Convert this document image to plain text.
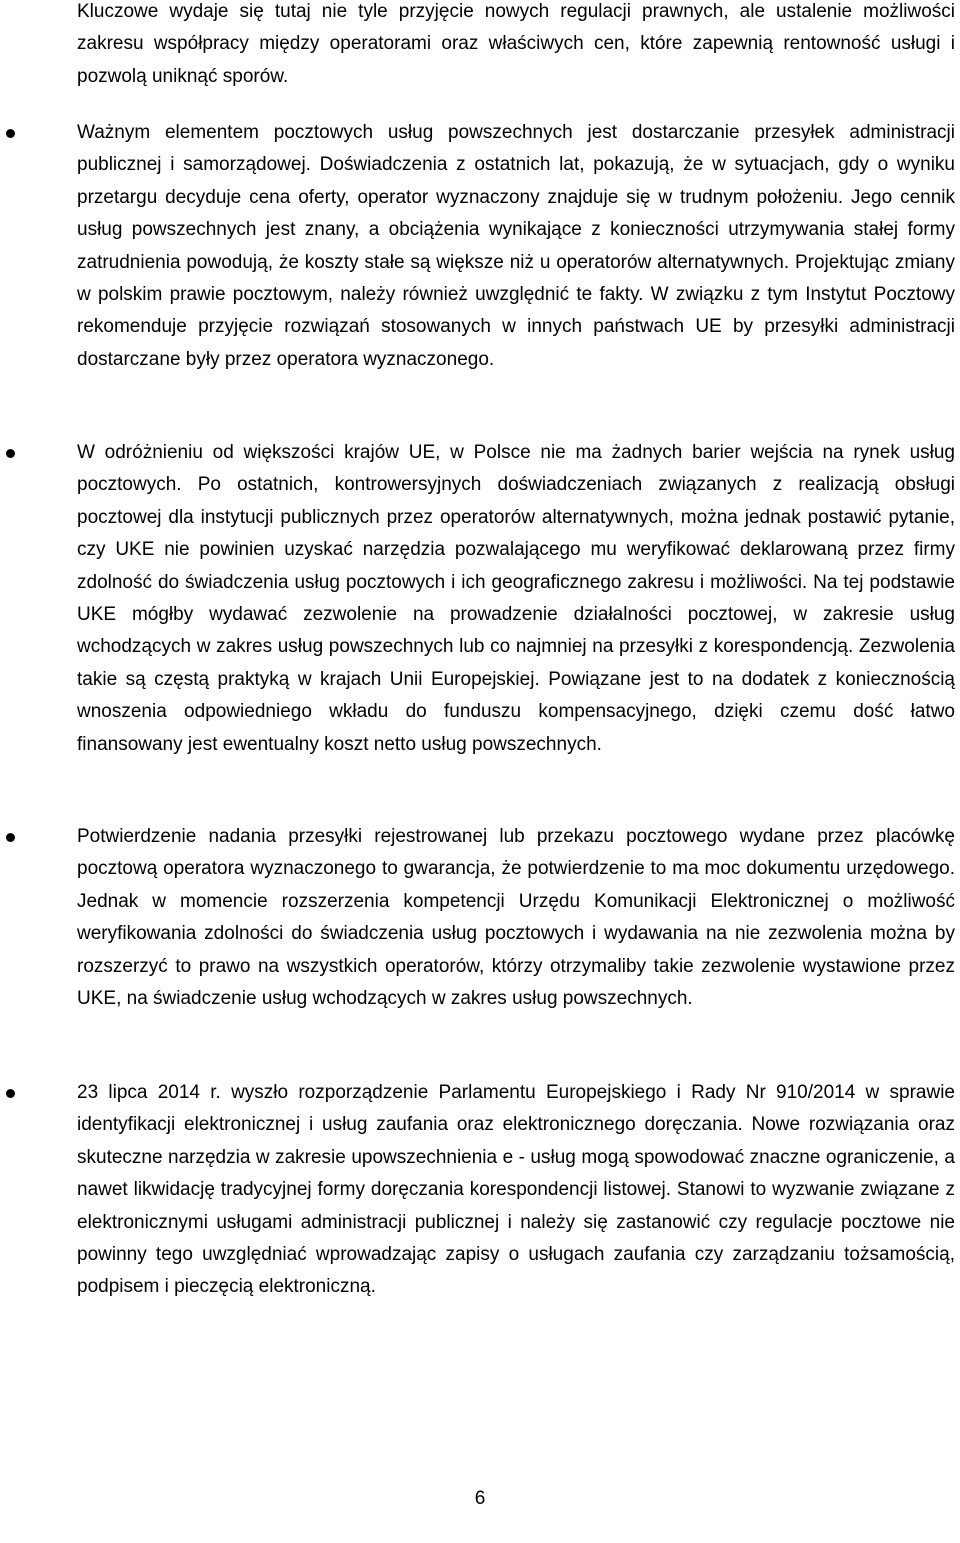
Kluczowe wydaje się tutaj nie tyle przyjęcie nowych regulacji prawnych, ale ustalenie możliwości zakresu współpracy między operatorami oraz właściwych cen, które zapewnią rentowność usługi i pozwolą uniknąć sporów.

Ważnym elementem pocztowych usług powszechnych jest dostarczanie przesyłek administracji publicznej i samorządowej. Doświadczenia z ostatnich lat, pokazują, że w sytuacjach, gdy o wyniku przetargu decyduje cena oferty, operator wyznaczony znajduje się w trudnym położeniu. Jego cennik usług powszechnych jest znany, a obciążenia wynikające z konieczności utrzymywania stałej formy zatrudnienia powodują, że koszty stałe są większe niż u operatorów alternatywnych. Projektując zmiany w polskim prawie pocztowym, należy również uwzględnić te fakty. W związku z tym Instytut Pocztowy rekomenduje przyjęcie rozwiązań stosowanych w innych państwach UE by przesyłki administracji dostarczane były przez operatora wyznaczonego.

W odróżnieniu od większości krajów UE, w Polsce nie ma żadnych barier wejścia na rynek usług pocztowych. Po ostatnich, kontrowersyjnych doświadczeniach związanych z realizacją obsługi pocztowej dla instytucji publicznych przez operatorów alternatywnych, można jednak postawić pytanie, czy UKE nie powinien uzyskać narzędzia pozwalającego mu weryfikować deklarowaną przez firmy zdolność do świadczenia usług pocztowych i ich geograficznego zakresu i możliwości. Na tej podstawie UKE mógłby wydawać zezwolenie na prowadzenie działalności pocztowej, w zakresie usług wchodzących w zakres usług powszechnych lub co najmniej na przesyłki z korespondencją. Zezwolenia takie są częstą praktyką w krajach Unii Europejskiej. Powiązane jest to na dodatek z koniecznością wnoszenia odpowiedniego wkładu do funduszu kompensacyjnego, dzięki czemu dość łatwo finansowany jest ewentualny koszt netto usług powszechnych.

Potwierdzenie nadania przesyłki rejestrowanej lub przekazu pocztowego wydane przez placówkę pocztową operatora wyznaczonego to gwarancja, że potwierdzenie to ma moc dokumentu urzędowego. Jednak w momencie rozszerzenia kompetencji Urzędu Komunikacji Elektronicznej o możliwość weryfikowania zdolności do świadczenia usług pocztowych i wydawania na nie zezwolenia można by rozszerzyć to prawo na wszystkich operatorów, którzy otrzymaliby takie zezwolenie wystawione przez UKE, na świadczenie usług wchodzących w zakres usług powszechnych.

23 lipca 2014 r. wyszło rozporządzenie Parlamentu Europejskiego i Rady Nr 910/2014 w sprawie identyfikacji elektronicznej i usług zaufania oraz elektronicznego doręczania. Nowe rozwiązania oraz skuteczne narzędzia w zakresie upowszechnienia e - usług mogą spowodować znaczne ograniczenie, a nawet likwidację tradycyjnej formy doręczania korespondencji listowej. Stanowi to wyzwanie związane z elektronicznymi usługami administracji publicznej i należy się zastanowić czy regulacje pocztowe nie powinny tego uwzględniać wprowadzając zapisy o usługach zaufania czy zarządzaniu tożsamością, podpisem i pieczęcią elektroniczną.

6
